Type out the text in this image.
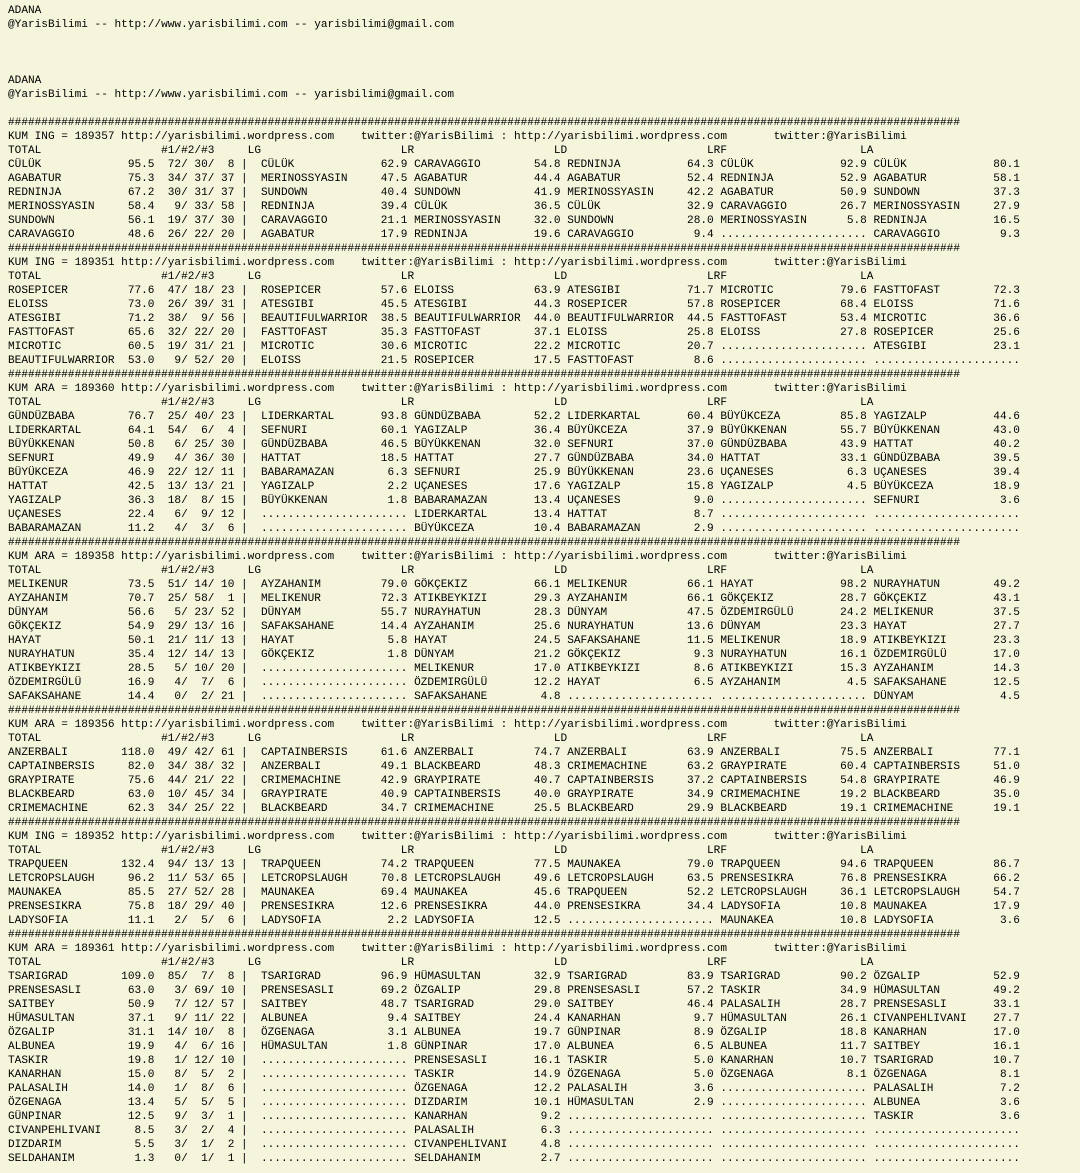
ADANA
@YarisBilimi -- http://www.yarisbilimi.com -- yarisbilimi@gmail.com
ADANA
@YarisBilimi -- http://www.yarisbilimi.com -- yarisbilimi@gmail.com
###############################################################################################################################################
KUM ING = 189357 http://yarisbilimi.wordpress.com    twitter:@YarisBilimi : http://yarisbilimi.wordpress.com       twitter:@YarisBilimi
TOTAL                  #1/#2/#3     LG                     LR                     LD                     LRF                    LA
CÜLÜK             95.5  72/ 30/  8 |  CÜLÜK             62.9 CARAVAGGIO        54.8 REDNINJA          64.3 CÜLÜK             92.9 CÜLÜK             80.1
AGABATUR          75.3  34/ 37/ 37 |  MERINOSSYASIN     47.5 AGABATUR          44.4 AGABATUR          52.4 REDNINJA          52.9 AGABATUR          58.1
REDNINJA          67.2  30/ 31/ 37 |  SUNDOWN           40.4 SUNDOWN           41.9 MERINOSSYASIN     42.2 AGABATUR          50.9 SUNDOWN           37.3
MERINOSSYASIN     58.4   9/ 33/ 58 |  REDNINJA          39.4 CÜLÜK             36.5 CÜLÜK             32.9 CARAVAGGIO        26.7 MERINOSSYASIN     27.9
SUNDOWN           56.1  19/ 37/ 30 |  CARAVAGGIO        21.1 MERINOSSYASIN     32.0 SUNDOWN           28.0 MERINOSSYASIN      5.8 REDNINJA          16.5
CARAVAGGIO        48.6  26/ 22/ 20 |  AGABATUR          17.9 REDNINJA          19.6 CARAVAGGIO         9.4 ...................... CARAVAGGIO         9.3
###############################################################################################################################################
KUM ING = 189351 http://yarisbilimi.wordpress.com    twitter:@YarisBilimi : http://yarisbilimi.wordpress.com       twitter:@YarisBilimi
TOTAL                  #1/#2/#3     LG                     LR                     LD                     LRF                    LA
ROSEPICER         77.6  47/ 18/ 23 |  ROSEPICER         57.6 ELOISS            63.9 ATESGIBI          71.7 MICROTIC          79.6 FASTTOFAST        72.3
ELOISS            73.0  26/ 39/ 31 |  ATESGIBI          45.5 ATESGIBI          44.3 ROSEPICER         57.8 ROSEPICER         68.4 ELOISS            71.6
ATESGIBI          71.2  38/  9/ 56 |  BEAUTIFULWARRIOR  38.5 BEAUTIFULWARRIOR  44.0 BEAUTIFULWARRIOR  44.5 FASTTOFAST        53.4 MICROTIC          36.6
FASTTOFAST        65.6  32/ 22/ 20 |  FASTTOFAST        35.3 FASTTOFAST        37.1 ELOISS            25.8 ELOISS            27.8 ROSEPICER         25.6
MICROTIC          60.5  19/ 31/ 21 |  MICROTIC          30.6 MICROTIC          22.2 MICROTIC          20.7 ...................... ATESGIBI          23.1
BEAUTIFULWARRIOR  53.0   9/ 52/ 20 |  ELOISS            21.5 ROSEPICER         17.5 FASTTOFAST         8.6 ...................... ......................
###############################################################################################################################################
KUM ARA = 189360 http://yarisbilimi.wordpress.com    twitter:@YarisBilimi : http://yarisbilimi.wordpress.com       twitter:@YarisBilimi
TOTAL                  #1/#2/#3     LG                     LR                     LD                     LRF                    LA
GÜNDÜZBABA        76.7  25/ 40/ 23 |  LIDERKARTAL       93.8 GÜNDÜZBABA        52.2 LIDERKARTAL       60.4 BÜYÜKCEZA         85.8 YAGIZALP          44.6
LIDERKARTAL       64.1  54/  6/  4 |  SEFNURI           60.1 YAGIZALP          36.4 BÜYÜKCEZA         37.9 BÜYÜKKENAN        55.7 BÜYÜKKENAN        43.0
BÜYÜKKENAN        50.8   6/ 25/ 30 |  GÜNDÜZBABA        46.5 BÜYÜKKENAN        32.0 SEFNURI           37.0 GÜNDÜZBABA        43.9 HATTAT            40.2
SEFNURI           49.9   4/ 36/ 30 |  HATTAT            18.5 HATTAT            27.7 GÜNDÜZBABA        34.0 HATTAT            33.1 GÜNDÜZBABA        39.5
BÜYÜKCEZA         46.9  22/ 12/ 11 |  BABARAMAZAN        6.3 SEFNURI           25.9 BÜYÜKKENAN        23.6 UÇANESES           6.3 UÇANESES          39.4
HATTAT            42.5  13/ 13/ 21 |  YAGIZALP           2.2 UÇANESES          17.6 YAGIZALP          15.8 YAGIZALP           4.5 BÜYÜKCEZA         18.9
YAGIZALP          36.3  18/  8/ 15 |  BÜYÜKKENAN         1.8 BABARAMAZAN       13.4 UÇANESES           9.0 ...................... SEFNURI            3.6
UÇANESES          22.4   6/  9/ 12 |  ...................... LIDERKARTAL       13.4 HATTAT             8.7 ...................... ......................
BABARAMAZAN       11.2   4/  3/  6 |  ...................... BÜYÜKCEZA         10.4 BABARAMAZAN        2.9 ...................... ......................
###############################################################################################################################################
KUM ARA = 189358 http://yarisbilimi.wordpress.com    twitter:@YarisBilimi : http://yarisbilimi.wordpress.com       twitter:@YarisBilimi
TOTAL                  #1/#2/#3     LG                     LR                     LD                     LRF                    LA
MELIKENUR         73.5  51/ 14/ 10 |  AYZAHANIM         79.0 GÖKÇEKIZ          66.1 MELIKENUR         66.1 HAYAT             98.2 NURAYHATUN        49.2
AYZAHANIM         70.7  25/ 58/  1 |  MELIKENUR         72.3 ATIKBEYKIZI       29.3 AYZAHANIM         66.1 GÖKÇEKIZ          28.7 GÖKÇEKIZ          43.1
DÜNYAM            56.6   5/ 23/ 52 |  DÜNYAM            55.7 NURAYHATUN        28.3 DÜNYAM            47.5 ÖZDEMIRGÜLÜ       24.2 MELIKENUR         37.5
GÖKÇEKIZ          54.9  29/ 13/ 16 |  SAFAKSAHANE       14.4 AYZAHANIM         25.6 NURAYHATUN        13.6 DÜNYAM            23.3 HAYAT             27.7
HAYAT             50.1  21/ 11/ 13 |  HAYAT              5.8 HAYAT             24.5 SAFAKSAHANE       11.5 MELIKENUR         18.9 ATIKBEYKIZI       23.3
NURAYHATUN        35.4  12/ 14/ 13 |  GÖKÇEKIZ           1.8 DÜNYAM            21.2 GÖKÇEKIZ           9.3 NURAYHATUN        16.1 ÖZDEMIRGÜLÜ       17.0
ATIKBEYKIZI       28.5   5/ 10/ 20 |  ...................... MELIKENUR         17.0 ATIKBEYKIZI        8.6 ATIKBEYKIZI       15.3 AYZAHANIM         14.3
ÖZDEMIRGÜLÜ       16.9   4/  7/  6 |  ...................... ÖZDEMIRGÜLÜ       12.2 HAYAT              6.5 AYZAHANIM          4.5 SAFAKSAHANE       12.5
SAFAKSAHANE       14.4   0/  2/ 21 |  ...................... SAFAKSAHANE        4.8 ...................... ...................... DÜNYAM             4.5
###############################################################################################################################################
KUM ARA = 189356 http://yarisbilimi.wordpress.com    twitter:@YarisBilimi : http://yarisbilimi.wordpress.com       twitter:@YarisBilimi
TOTAL                  #1/#2/#3     LG                     LR                     LD                     LRF                    LA
ANZERBALI        118.0  49/ 42/ 61 |  CAPTAINBERSIS     61.6 ANZERBALI         74.7 ANZERBALI         63.9 ANZERBALI         75.5 ANZERBALI         77.1
CAPTAINBERSIS     82.0  34/ 38/ 32 |  ANZERBALI         49.1 BLACKBEARD        48.3 CRIMEMACHINE      63.2 GRAYPIRATE        60.4 CAPTAINBERSIS     51.0
GRAYPIRATE        75.6  44/ 21/ 22 |  CRIMEMACHINE      42.9 GRAYPIRATE        40.7 CAPTAINBERSIS     37.2 CAPTAINBERSIS     54.8 GRAYPIRATE        46.9
BLACKBEARD        63.0  10/ 45/ 34 |  GRAYPIRATE        40.9 CAPTAINBERSIS     40.0 GRAYPIRATE        34.9 CRIMEMACHINE      19.2 BLACKBEARD        35.0
CRIMEMACHINE      62.3  34/ 25/ 22 |  BLACKBEARD        34.7 CRIMEMACHINE      25.5 BLACKBEARD        29.9 BLACKBEARD        19.1 CRIMEMACHINE      19.1
###############################################################################################################################################
KUM ING = 189352 http://yarisbilimi.wordpress.com    twitter:@YarisBilimi : http://yarisbilimi.wordpress.com       twitter:@YarisBilimi
TOTAL                  #1/#2/#3     LG                     LR                     LD                     LRF                    LA
TRAPQUEEN        132.4  94/ 13/ 13 |  TRAPQUEEN         74.2 TRAPQUEEN         77.5 MAUNAKEA          79.0 TRAPQUEEN         94.6 TRAPQUEEN         86.7
LETCROPSLAUGH     96.2  11/ 53/ 65 |  LETCROPSLAUGH     70.8 LETCROPSLAUGH     49.6 LETCROPSLAUGH     63.5 PRENSESIKRA       76.8 PRENSESIKRA       66.2
MAUNAKEA          85.5  27/ 52/ 28 |  MAUNAKEA          69.4 MAUNAKEA          45.6 TRAPQUEEN         52.2 LETCROPSLAUGH     36.1 LETCROPSLAUGH     54.7
PRENSESIKRA       75.8  18/ 29/ 40 |  PRENSESIKRA       12.6 PRENSESIKRA       44.0 PRENSESIKRA       34.4 LADYSOFIA         10.8 MAUNAKEA          17.9
LADYSOFIA         11.1   2/  5/  6 |  LADYSOFIA          2.2 LADYSOFIA         12.5 ...................... MAUNAKEA          10.8 LADYSOFIA          3.6
###############################################################################################################################################
KUM ARA = 189361 http://yarisbilimi.wordpress.com    twitter:@YarisBilimi : http://yarisbilimi.wordpress.com       twitter:@YarisBilimi
TOTAL                  #1/#2/#3     LG                     LR                     LD                     LRF                    LA
TSARIGRAD        109.0  85/  7/  8 |  TSARIGRAD         96.9 HÜMASULTAN        32.9 TSARIGRAD         83.9 TSARIGRAD         90.2 ÖZGALIP           52.9
PRENSESASLI       63.0   3/ 69/ 10 |  PRENSESASLI       69.2 ÖZGALIP           29.8 PRENSESASLI       57.2 TASKIR            34.9 HÜMASULTAN        49.2
SAITBEY           50.9   7/ 12/ 57 |  SAITBEY           48.7 TSARIGRAD         29.0 SAITBEY           46.4 PALASALIH         28.7 PRENSESASLI       33.1
HÜMASULTAN        37.1   9/ 11/ 22 |  ALBUNEA            9.4 SAITBEY           24.4 KANARHAN           9.7 HÜMASULTAN        26.1 CIVANPEHLIVANI    27.7
ÖZGALIP           31.1  14/ 10/  8 |  ÖZGENAGA           3.1 ALBUNEA           19.7 GÜNPINAR           8.9 ÖZGALIP           18.8 KANARHAN          17.0
ALBUNEA           19.9   4/  6/ 16 |  HÜMASULTAN         1.8 GÜNPINAR          17.0 ALBUNEA            6.5 ALBUNEA           11.7 SAITBEY           16.1
TASKIR            19.8   1/ 12/ 10 |  ...................... PRENSESASLI       16.1 TASKIR             5.0 KANARHAN          10.7 TSARIGRAD         10.7
KANARHAN          15.0   8/  5/  2 |  ...................... TASKIR            14.9 ÖZGENAGA           5.0 ÖZGENAGA           8.1 ÖZGENAGA           8.1
PALASALIH         14.0   1/  8/  6 |  ...................... ÖZGENAGA          12.2 PALASALIH          3.6 ...................... PALASALIH          7.2
ÖZGENAGA          13.4   5/  5/  5 |  ...................... DIZDARIM          10.1 HÜMASULTAN         2.9 ...................... ALBUNEA            3.6
GÜNPINAR          12.5   9/  3/  1 |  ...................... KANARHAN           9.2 ...................... ...................... TASKIR             3.6
CIVANPEHLIVANI     8.5   3/  2/  4 |  ...................... PALASALIH          6.3 ...................... ...................... ......................
DIZDARIM           5.5   3/  1/  2 |  ...................... CIVANPEHLIVANI     4.8 ...................... ...................... ......................
SELDAHANIM         1.3   0/  1/  1 |  ...................... SELDAHANIM         2.7 ...................... ...................... ......................
